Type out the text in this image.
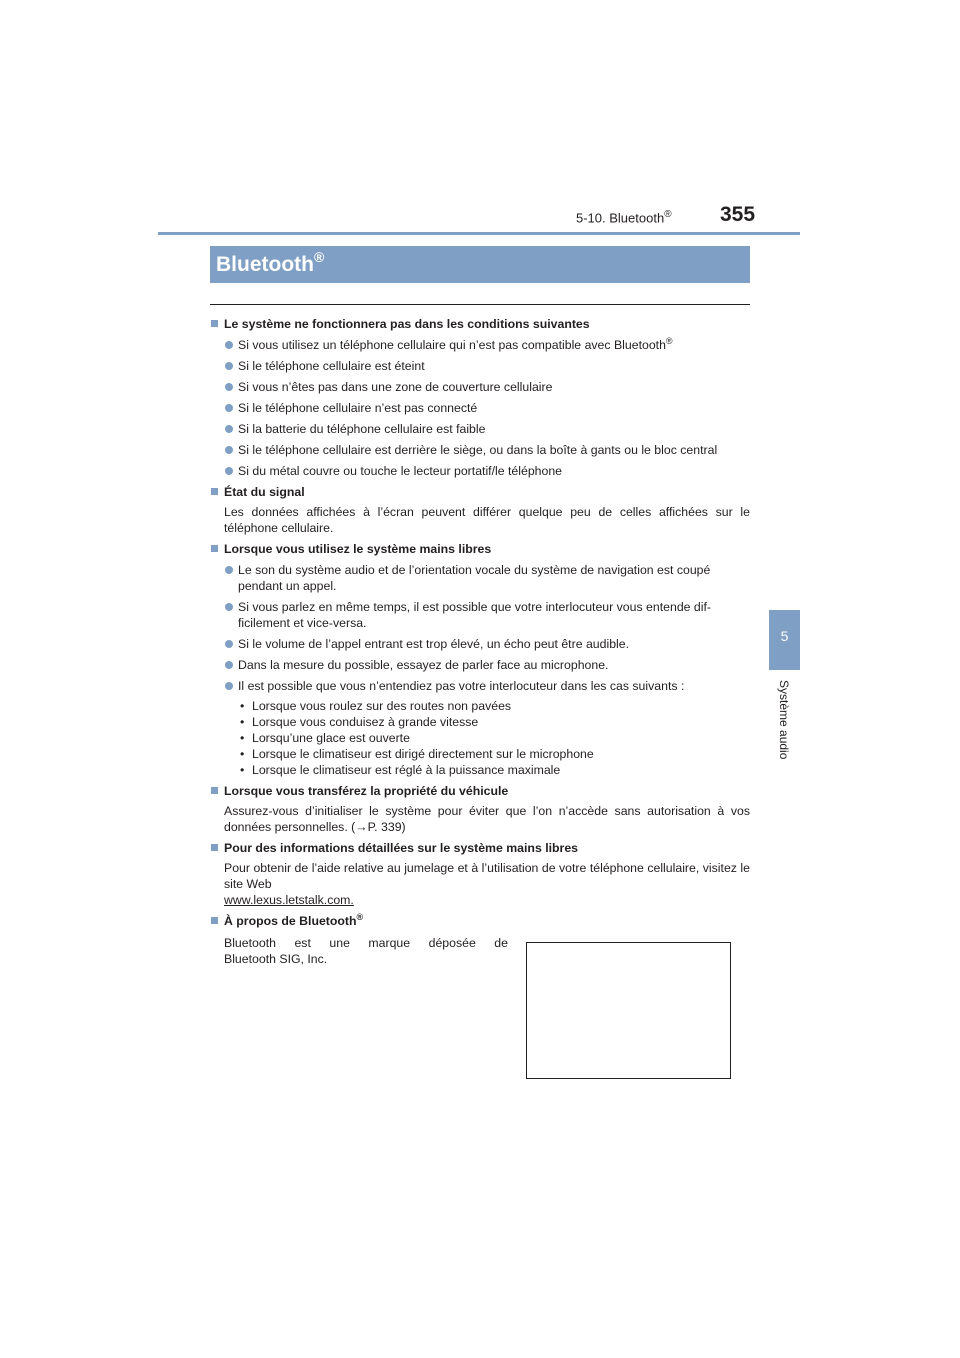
5-10. Bluetooth® 355
5
Système audio
Bluetooth®
Le système ne fonctionnera pas dans les conditions suivantes
Si vous utilisez un téléphone cellulaire qui n’est pas compatible avec Bluetooth®
Si le téléphone cellulaire est éteint
Si vous n’êtes pas dans une zone de couverture cellulaire
Si le téléphone cellulaire n’est pas connecté
Si la batterie du téléphone cellulaire est faible
Si le téléphone cellulaire est derrière le siège, ou dans la boîte à gants ou le bloc central
Si du métal couvre ou touche le lecteur portatif/le téléphone
État du signal
Les données affichées à l’écran peuvent différer quelque peu de celles affichées sur le téléphone cellulaire.
Lorsque vous utilisez le système mains libres
Le son du système audio et de l’orientation vocale du système de navigation est coupé pendant un appel.
Si vous parlez en même temps, il est possible que votre interlocuteur vous entende dif-ficilement et vice-versa.
Si le volume de l’appel entrant est trop élevé, un écho peut être audible.
Dans la mesure du possible, essayez de parler face au microphone.
Il est possible que vous n’entendiez pas votre interlocuteur dans les cas suivants :
• Lorsque vous roulez sur des routes non pavées
• Lorsque vous conduisez à grande vitesse
• Lorsqu’une glace est ouverte
• Lorsque le climatiseur est dirigé directement sur le microphone
• Lorsque le climatiseur est réglé à la puissance maximale
Lorsque vous transférez la propriété du véhicule
Assurez-vous d’initialiser le système pour éviter que l’on n’accède sans autorisation à vos données personnelles. (→P. 339)
Pour des informations détaillées sur le système mains libres
Pour obtenir de l’aide relative au jumelage et à l’utilisation de votre téléphone cellulaire, visitez le site Web
www.lexus.letstalk.com.
À propos de Bluetooth®
Bluetooth est une marque déposée de
Bluetooth SIG, Inc.
